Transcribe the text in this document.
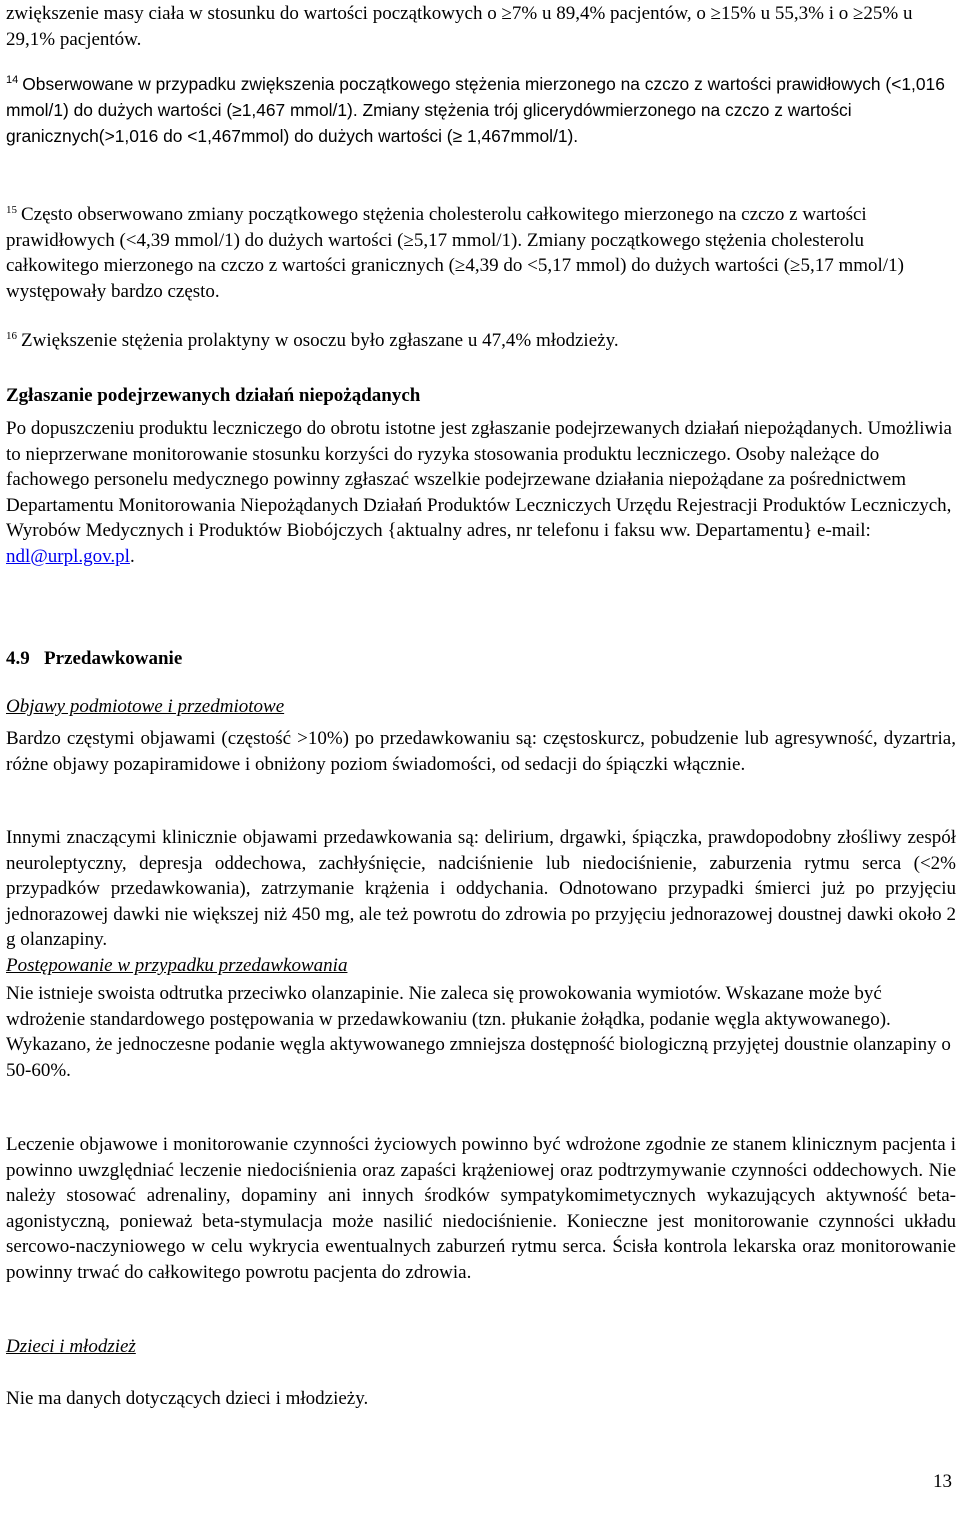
zwiększenie masy ciała w stosunku do wartości początkowych o ≥7% u 89,4% pacjentów, o ≥15% u 55,3% i o ≥25% u 29,1% pacjentów.

$^{14}$ Obserwowane w przypadku zwiększenia początkowego stężenia mierzonego na czczo z wartości prawidłowych (<1,016 mmol/1) do dużych wartości (≥1,467 mmol/1). Zmiany stężenia trój glicerydówmierzonego na czczo z wartości granicznych(>1,016 do <1,467mmol) do dużych wartości (≥ 1,467mmol/1).

$^{15}$ Często obserwowano zmiany początkowego stężenia cholesterolu całkowitego mierzonego na czczo z wartości prawidłowych (<4,39 mmol/1) do dużych wartości (≥5,17 mmol/1). Zmiany początkowego stężenia cholesterolu całkowitego mierzonego na czczo z wartości granicznych (≥4,39 do <5,17 mmol) do dużych wartości (≥5,17 mmol/1) występowały bardzo często.

$^{16}$ Zwiększenie stężenia prolaktyny w osoczu było zgłaszane u 47,4% młodzieży.

Zgłaszanie podejrzewanych działań niepożądanych

Po dopuszczeniu produktu leczniczego do obrotu istotne jest zgłaszanie podejrzewanych działań niepożądanych. Umożliwia to nieprzerwane monitorowanie stosunku korzyści do ryzyka stosowania produktu leczniczego. Osoby należące do fachowego personelu medycznego powinny zgłaszać wszelkie podejrzewane działania niepożądane za pośrednictwem Departamentu Monitorowania Niepożądanych Działań Produktów Leczniczych Urzędu Rejestracji Produktów Leczniczych, Wyrobów Medycznych i Produktów Biobójczych {aktualny adres, nr telefonu i faksu ww. Departamentu} e-mail: ndl@urpl.gov.pl.

4.9 Przedawkowanie

Objawy podmiotowe i przedmiotowe

Bardzo częstymi objawami (częstość >10%) po przedawkowaniu są: częstoskurcz, pobudzenie lub agresywność, dyzartria, różne objawy pozapiramidowe i obniżony poziom świadomości, od sedacji do śpiączki włącznie.

Innymi znaczącymi klinicznie objawami przedawkowania są: delirium, drgawki, śpiączka, prawdopodobny złośliwy zespół neuroleptyczny, depresja oddechowa, zachłyśnięcie, nadciśnienie lub niedociśnienie, zaburzenia rytmu serca (<2% przypadków przedawkowania), zatrzymanie krążenia i oddychania. Odnotowano przypadki śmierci już po przyjęciu jednorazowej dawki nie większej niż 450 mg, ale też powrotu do zdrowia po przyjęciu jednorazowej doustnej dawki około 2 g olanzapiny.

Postępowanie w przypadku przedawkowania

Nie istnieje swoista odtrutka przeciwko olanzapinie. Nie zaleca się prowokowania wymiotów. Wskazane może być wdrożenie standardowego postępowania w przedawkowaniu (tzn. płukanie żołądka, podanie węgla aktywowanego). Wykazano, że jednoczesne podanie węgla aktywowanego zmniejsza dostępność biologiczną przyjętej doustnie olanzapiny o 50-60%.

Leczenie objawowe i monitorowanie czynności życiowych powinno być wdrożone zgodnie ze stanem klinicznym pacjenta i powinno uwzględniać leczenie niedociśnienia oraz zapaści krążeniowej oraz podtrzymywanie czynności oddechowych. Nie należy stosować adrenaliny, dopaminy ani innych środków sympatykomimetycznych wykazujących aktywność beta-agonistyczną, ponieważ beta-stymulacja może nasilić niedociśnienie. Konieczne jest monitorowanie czynności układu sercowo-naczyniowego w celu wykrycia ewentualnych zaburzeń rytmu serca. Ścisła kontrola lekarska oraz monitorowanie powinny trwać do całkowitego powrotu pacjenta do zdrowia.

Dzieci i młodzież

Nie ma danych dotyczących dzieci i młodzieży.

13
